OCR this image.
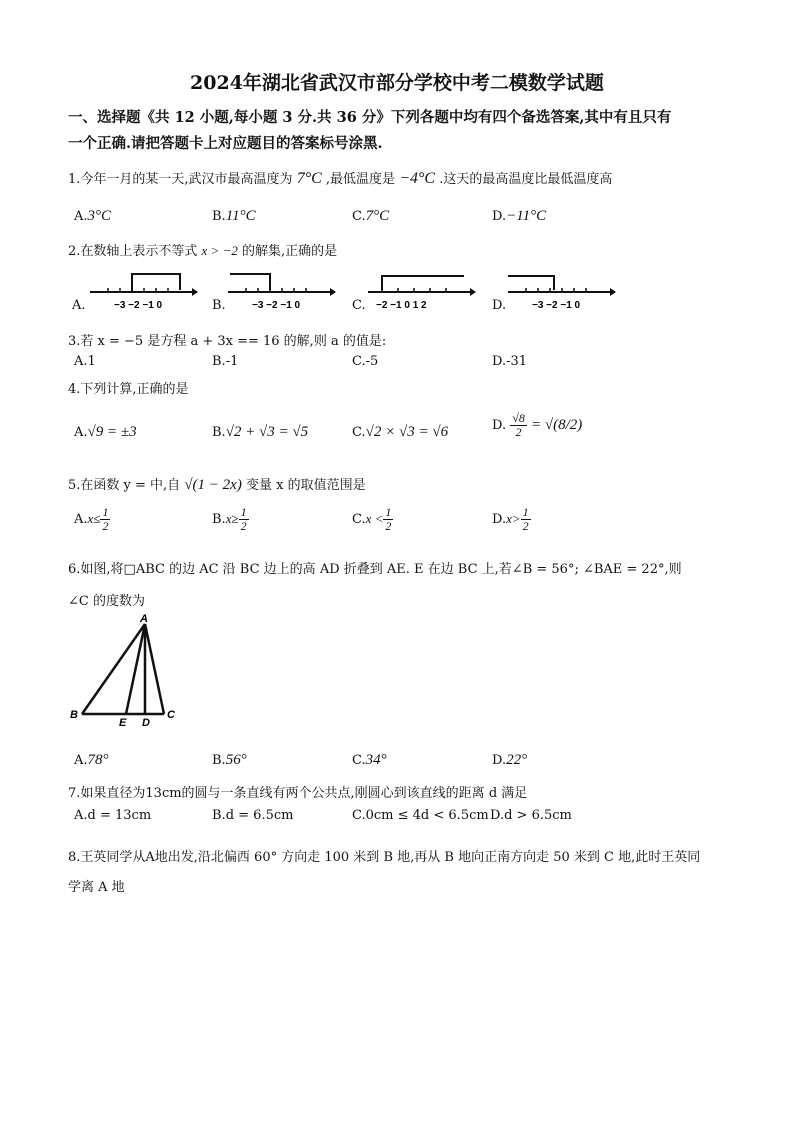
2024年湖北省武汉市部分学校中考二模数学试题
一、选择题《共 12 小题,每小题 3 分.共 36 分》下列各题中均有四个备选答案,其中有且只有
一个正确.请把答题卡上对应题目的答案标号涂黑.
1.今年一月的某一天,武汉市最高温度为 7°C ,最低温度是 −4°C .这天的最高温度比最低温度高
A.3°C	B.11°C	C.7°C	D.−11°C
2.在数轴上表示不等式 x > −2 的解集,正确的是
A.	−3 −2 −1 0	B.	−3 −2 −1 0	C. −2 −1 0 1 2	D.	−3 −2 −1 0
3.若 x = −5 是方程 a + 3x == 16 的解,则 a 的值是:
A.1	B.-1	C.-5	D.-31
4.下列计算,正确的是
A.√9 = ±3	B.√2 + √3 = √5	C.√2 × √3 = √6	D. $\frac{√8}{2} = √(8/2)$
5.在函数 y = 中,自 √(1 − 2x) 变量 x 的取值范围是
$A.x\le \frac{1}{2}$	$B.x\ge \frac{1}{2}$	$C.x < \frac{1}{2}$	$D.x> \frac{1}{2}$
6.如图,将□ABC 的边 AC 沿 BC 边上的高 AD 折叠到 AE. E 在边 BC 上,若∠B = 56°; ∠BAE = 22°,则
∠C 的度数为
A
B
E D
C
A.78°	B.56°	C.34°	D.22°
7.如果直径为13cm的圆与一条直线有两个公共点,刚圆心到该直线的距离 d 满足
A.d = 13cm	B.d = 6.5cm	C.0cm ≤ 4d < 6.5cm D.d > 6.5cm
8.王英同学从A地出发,沿北偏西 60° 方向走 100 米到 B 地,再从 B 地向正南方向走 50 米到 C 地,此时王英同
学离 A 地
